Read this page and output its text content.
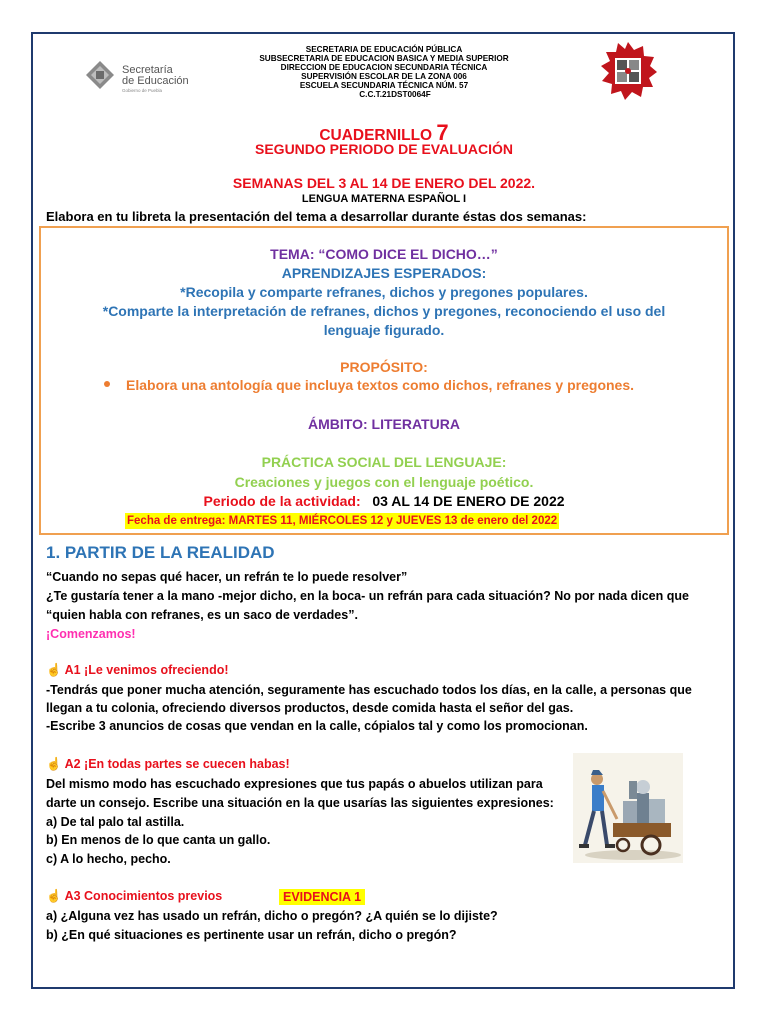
Secretaría
de Educación
Gobierno de Puebla
SECRETARIA DE EDUCACIÓN PÚBLICA
SUBSECRETARIA DE EDUCACION BASICA Y MEDIA SUPERIOR
DIRECCION DE EDUCACION SECUNDARIA TÉCNICA
SUPERVISIÓN ESCOLAR DE LA ZONA 006
ESCUELA SECUNDARIA TÉCNICA NÚM. 57
C.C.T.21DST0064F
CUADERNILLO 7
SEGUNDO PERIODO DE EVALUACIÓN
SEMANAS DEL 3 AL 14 DE ENERO DEL 2022.
LENGUA MATERNA ESPAÑOL I
Elabora en tu libreta la presentación del tema a desarrollar durante éstas dos semanas:
TEMA: “COMO DICE EL DICHO…”
APRENDIZAJES ESPERADOS:
*Recopila y comparte refranes, dichos y pregones populares.
*Comparte la interpretación de refranes, dichos y pregones, reconociendo el uso del
lenguaje figurado.
PROPÓSITO:
Elabora una antología que incluya textos como dichos, refranes y pregones.
ÁMBITO: LITERATURA
PRÁCTICA SOCIAL DEL LENGUAJE:
Creaciones y juegos con el lenguaje poético.
Periodo de la actividad: 03 AL 14 DE ENERO DE 2022
Fecha de entrega: MARTES 11, MIÉRCOLES 12 y JUEVES 13 de enero del 2022
1. PARTIR DE LA REALIDAD
“Cuando no sepas qué hacer, un refrán te lo puede resolver”
¿Te gustaría tener a la mano -mejor dicho, en la boca- un refrán para cada situación? No por nada dicen que
“quien habla con refranes, es un saco de verdades”.
¡Comenzamos!
☝ A1 ¡Le venimos ofreciendo!
-Tendrás que poner mucha atención, seguramente has escuchado todos los días, en la calle, a personas que
llegan a tu colonia, ofreciendo diversos productos, desde comida hasta el señor del gas.
-Escribe 3 anuncios de cosas que vendan en la calle, cópialos tal y como los promocionan.
☝ A2 ¡En todas partes se cuecen habas!
Del mismo modo has escuchado expresiones que tus papás o abuelos utilizan para
darte un consejo. Escribe una situación en la que usarías las siguientes expresiones:
a) De tal palo tal astilla.
b) En menos de lo que canta un gallo.
c) A lo hecho, pecho.
☝ A3 Conocimientos previos	EVIDENCIA 1
a) ¿Alguna vez has usado un refrán, dicho o pregón? ¿A quién se lo dijiste?
b) ¿En qué situaciones es pertinente usar un refrán, dicho o pregón?
